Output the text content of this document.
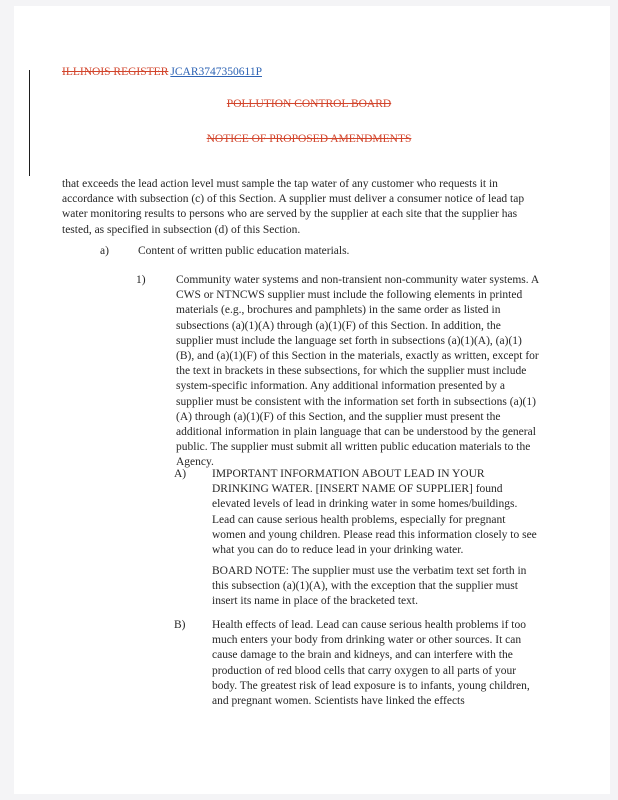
ILLINOIS REGISTER JCAR3747350611P
POLLUTION CONTROL BOARD
NOTICE OF PROPOSED AMENDMENTS

that exceeds the lead action level must sample the tap water of any customer who requests it in accordance with subsection (c) of this Section. A supplier must deliver a consumer notice of lead tap water monitoring results to persons who are served by the supplier at each site that the supplier has tested, as specified in subsection (d) of this Section.

a)	Content of written public education materials.

1)	Community water systems and non-transient non-community water systems. A CWS or NTNCWS supplier must include the following elements in printed materials (e.g., brochures and pamphlets) in the same order as listed in subsections (a)(1)(A) through (a)(1)(F) of this Section. In addition, the supplier must include the language set forth in subsections (a)(1)(A), (a)(1)(B), and (a)(1)(F) of this Section in the materials, exactly as written, except for the text in brackets in these subsections, for which the supplier must include system-specific information. Any additional information presented by a supplier must be consistent with the information set forth in subsections (a)(1)(A) through (a)(1)(F) of this Section, and the supplier must present the additional information in plain language that can be understood by the general public. The supplier must submit all written public education materials to the Agency.

A) IMPORTANT INFORMATION ABOUT LEAD IN YOUR DRINKING WATER. [INSERT NAME OF SUPPLIER] found elevated levels of lead in drinking water in some homes/buildings. Lead can cause serious health problems, especially for pregnant women and young children. Please read this information closely to see what you can do to reduce lead in your drinking water.

BOARD NOTE: The supplier must use the verbatim text set forth in this subsection (a)(1)(A), with the exception that the supplier must insert its name in place of the bracketed text.

B) Health effects of lead. Lead can cause serious health problems if too much enters your body from drinking water or other sources. It can cause damage to the brain and kidneys, and can interfere with the production of red blood cells that carry oxygen to all parts of your body. The greatest risk of lead exposure is to infants, young children, and pregnant women. Scientists have linked the effects
